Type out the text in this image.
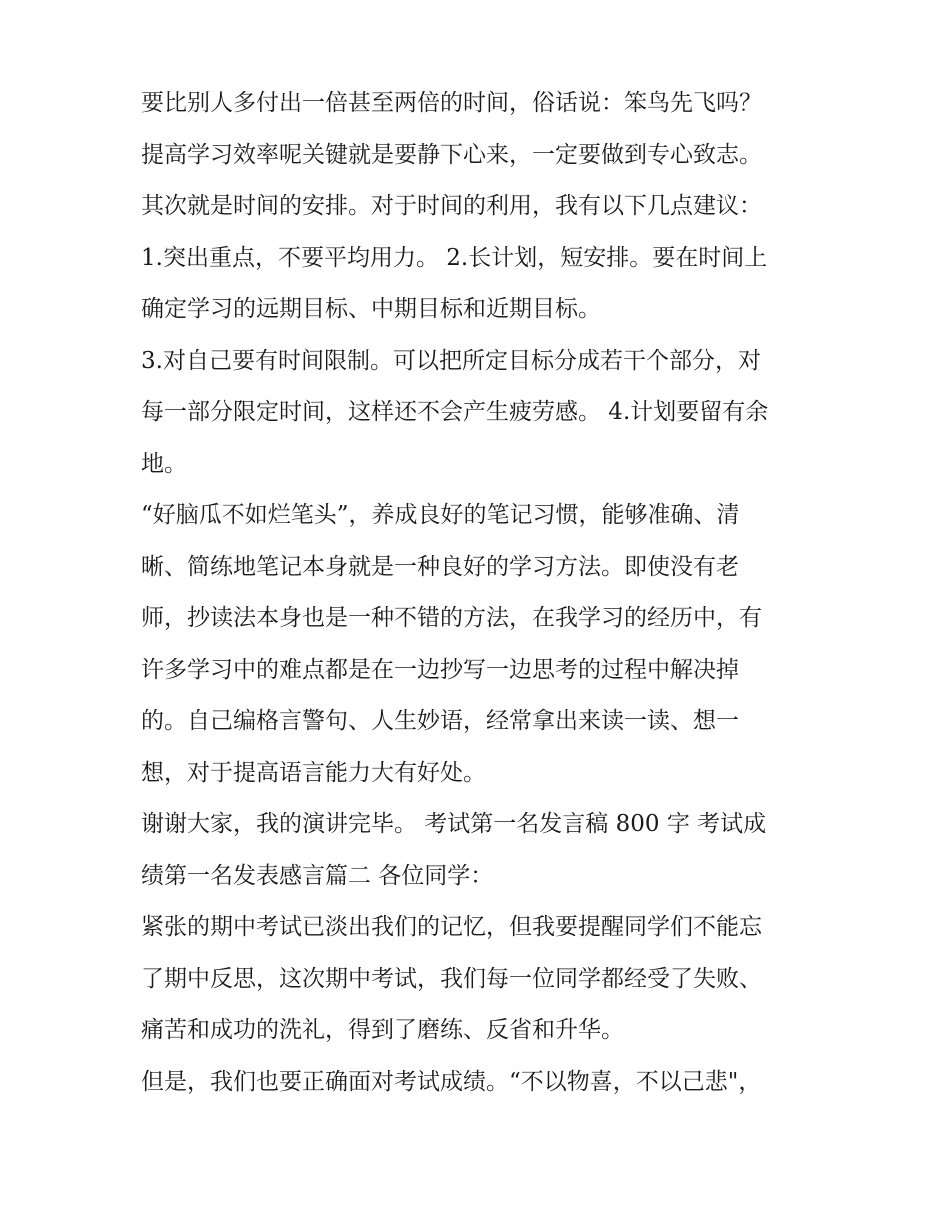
要比别人多付出一倍甚至两倍的时间，俗话说：笨鸟先飞吗？
提高学习效率呢关键就是要静下心来，一定要做到专心致志。
其次就是时间的安排。对于时间的利用，我有以下几点建议：
1.突出重点，不要平均用力。 2.长计划，短安排。要在时间上
确定学习的远期目标、中期目标和近期目标。
3.对自己要有时间限制。可以把所定目标分成若干个部分，对
每一部分限定时间，这样还不会产生疲劳感。 4.计划要留有余
地。
“好脑瓜不如烂笔头”，养成良好的笔记习惯，能够准确、清
晰、简练地笔记本身就是一种良好的学习方法。即使没有老
师，抄读法本身也是一种不错的方法，在我学习的经历中，有
许多学习中的难点都是在一边抄写一边思考的过程中解决掉
的。自己编格言警句、人生妙语，经常拿出来读一读、想一
想，对于提高语言能力大有好处。
谢谢大家，我的演讲完毕。 考试第一名发言稿 800 字 考试成
绩第一名发表感言篇二 各位同学：
紧张的期中考试已淡出我们的记忆，但我要提醒同学们不能忘
了期中反思，这次期中考试，我们每一位同学都经受了失败、
痛苦和成功的洗礼，得到了磨练、反省和升华。
但是，我们也要正确面对考试成绩。“不以物喜，不以己悲"，
